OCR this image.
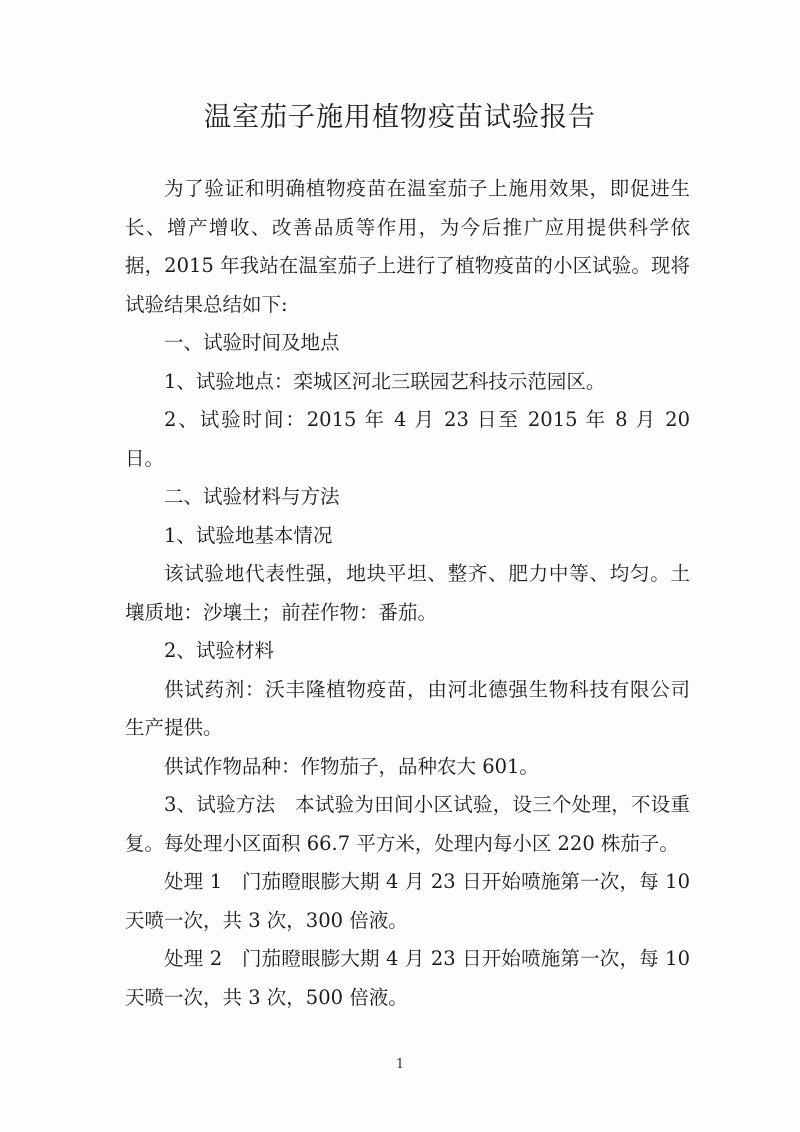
温室茄子施用植物疫苗试验报告

为了验证和明确植物疫苗在温室茄子上施用效果，即促进生长、增产增收、改善品质等作用，为今后推广应用提供科学依据，2015 年我站在温室茄子上进行了植物疫苗的小区试验。现将试验结果总结如下:

一、试验时间及地点

1、试验地点：栾城区河北三联园艺科技示范园区。

2、试验时间：2015 年 4 月 23 日至 2015 年 8 月 20 日。

二、试验材料与方法

1、试验地基本情况

该试验地代表性强，地块平坦、整齐、肥力中等、均匀。土壤质地：沙壤土；前茬作物：番茄。

2、试验材料

供试药剂：沃丰隆植物疫苗，由河北德强生物科技有限公司生产提供。

供试作物品种：作物茄子，品种农大 601。

3、试验方法　本试验为田间小区试验，设三个处理，不设重复。每处理小区面积 66.7 平方米，处理内每小区 220 株茄子。

处理 1　门茄瞪眼膨大期 4 月 23 日开始喷施第一次，每 10 天喷一次，共 3 次，300 倍液。

处理 2　门茄瞪眼膨大期 4 月 23 日开始喷施第一次，每 10 天喷一次，共 3 次，500 倍液。

1
